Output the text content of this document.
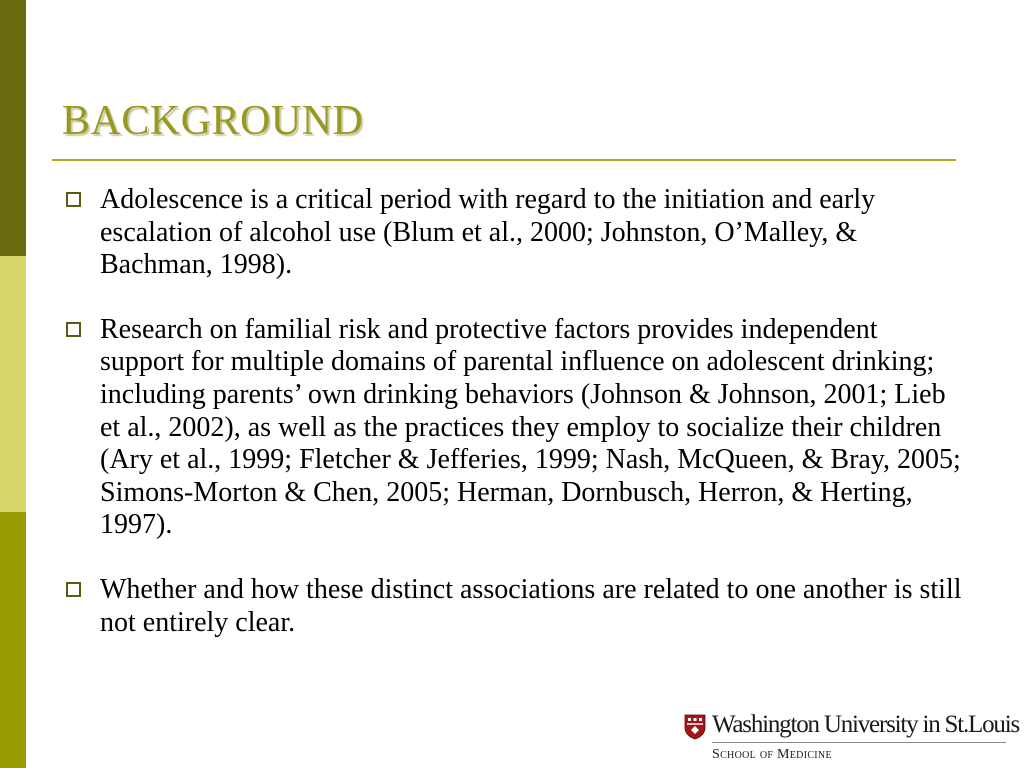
BACKGROUND
Adolescence is a critical period with regard to the initiation and early escalation of alcohol use (Blum et al., 2000; Johnston, O’Malley, & Bachman, 1998).
Research on familial risk and protective factors provides independent support for multiple domains of parental influence on adolescent drinking; including parents’ own drinking behaviors (Johnson & Johnson, 2001; Lieb et al., 2002), as well as the practices they employ to socialize their children (Ary et al., 1999; Fletcher & Jefferies, 1999; Nash, McQueen, & Bray, 2005; Simons-Morton & Chen, 2005; Herman, Dornbusch, Herron, & Herting, 1997).
Whether and how these distinct associations are related to one another is still not entirely clear.
Washington University in St.Louis
School of Medicine
